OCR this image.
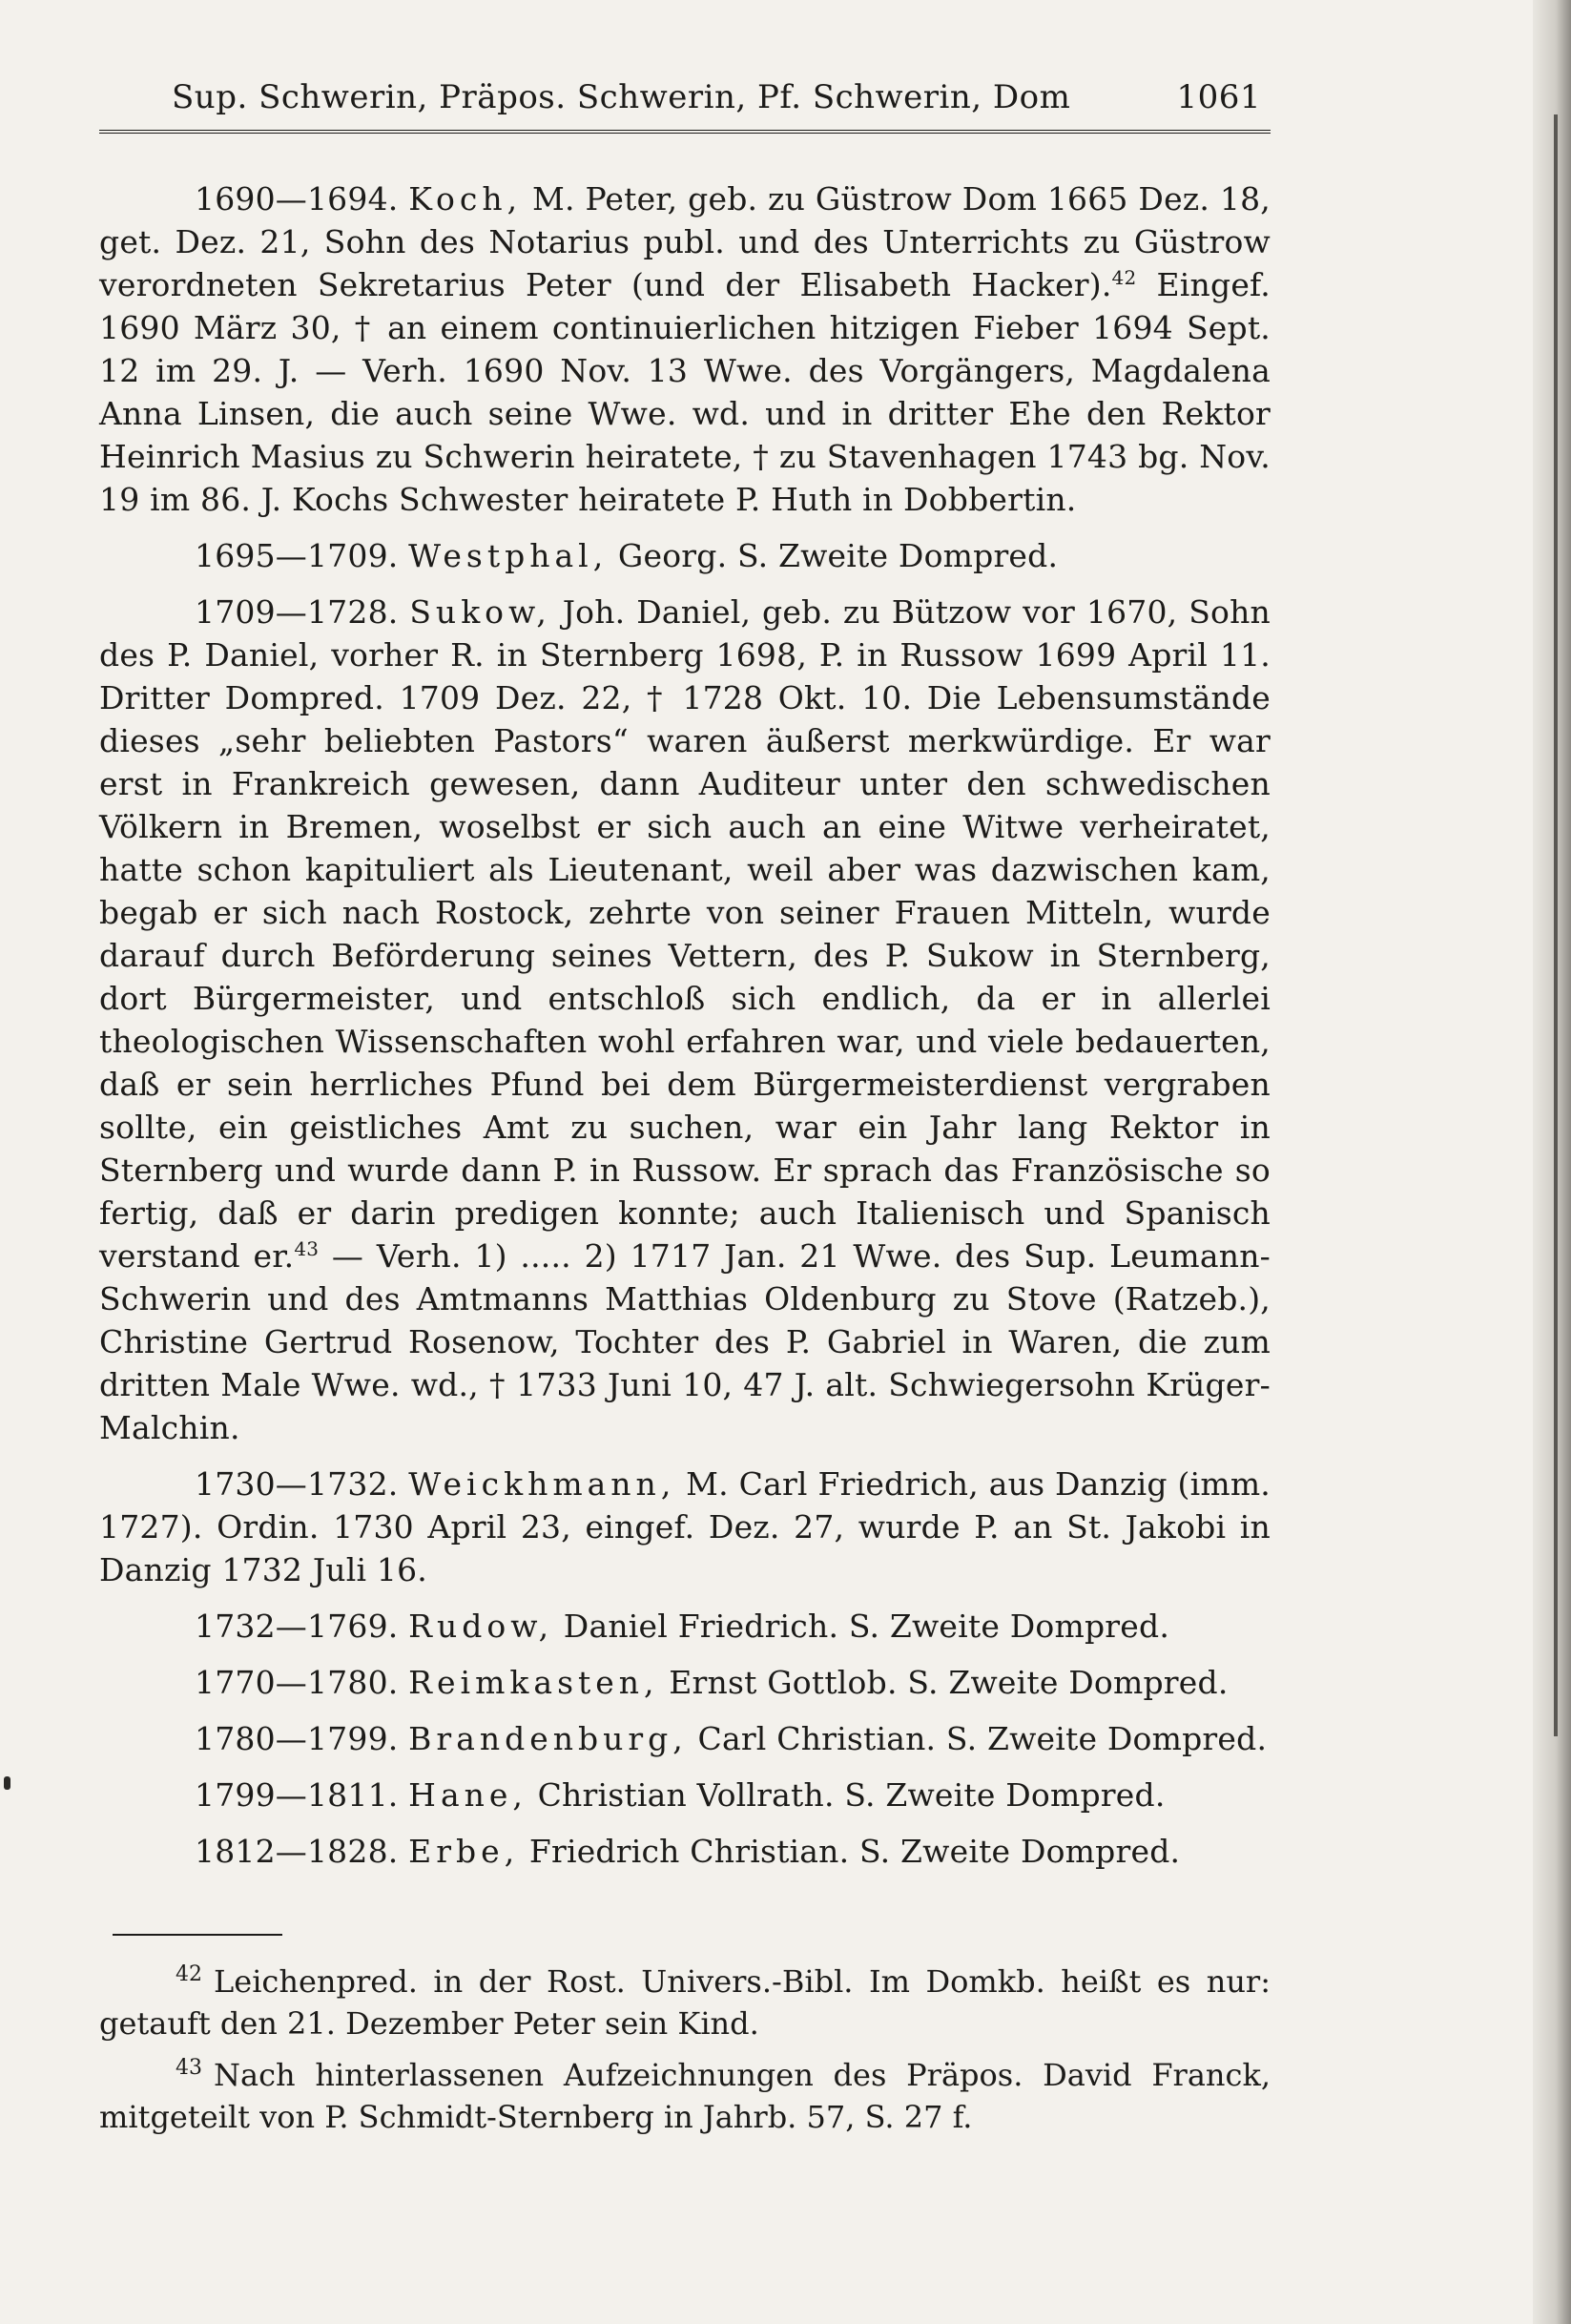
Sup. Schwerin, Präpos. Schwerin, Pf. Schwerin, Dom	1061

1690—1694. Koch, M. Peter, geb. zu Güstrow Dom 1665 Dez. 18, get. Dez. 21, Sohn des Notarius publ. und des Unterrichts zu Güstrow verordneten Sekretarius Peter (und der Elisabeth Hacker).$^{42}$ Eingef. 1690 März 30, † an einem continuierlichen hitzigen Fieber 1694 Sept. 12 im 29. J. — Verh. 1690 Nov. 13 Wwe. des Vorgängers, Magdalena Anna Linsen, die auch seine Wwe. wd. und in dritter Ehe den Rektor Heinrich Masius zu Schwerin heiratete, † zu Stavenhagen 1743 bg. Nov. 19 im 86. J. Kochs Schwester heiratete P. Huth in Dobbertin.

1695—1709. Westphal, Georg. S. Zweite Dompred.

1709—1728. Sukow, Joh. Daniel, geb. zu Bützow vor 1670, Sohn des P. Daniel, vorher R. in Sternberg 1698, P. in Russow 1699 April 11. Dritter Dompred. 1709 Dez. 22, † 1728 Okt. 10. Die Lebensumstände dieses „sehr beliebten Pastors“ waren äußerst merkwürdige. Er war erst in Frankreich gewesen, dann Auditeur unter den schwedischen Völkern in Bremen, woselbst er sich auch an eine Witwe verheiratet, hatte schon kapituliert als Lieutenant, weil aber was dazwischen kam, begab er sich nach Rostock, zehrte von seiner Frauen Mitteln, wurde darauf durch Beförderung seines Vettern, des P. Sukow in Sternberg, dort Bürgermeister, und entschloß sich endlich, da er in allerlei theologischen Wissenschaften wohl erfahren war, und viele bedauerten, daß er sein herrliches Pfund bei dem Bürgermeisterdienst vergraben sollte, ein geistliches Amt zu suchen, war ein Jahr lang Rektor in Sternberg und wurde dann P. in Russow. Er sprach das Französische so fertig, daß er darin predigen konnte; auch Italienisch und Spanisch verstand er.$^{43}$ — Verh. 1) ..... 2) 1717 Jan. 21 Wwe. des Sup. Leumann-Schwerin und des Amtmanns Matthias Oldenburg zu Stove (Ratzeb.), Christine Gertrud Rosenow, Tochter des P. Gabriel in Waren, die zum dritten Male Wwe. wd., † 1733 Juni 10, 47 J. alt. Schwiegersohn Krüger-Malchin.

1730—1732. Weickhmann, M. Carl Friedrich, aus Danzig (imm. 1727). Ordin. 1730 April 23, eingef. Dez. 27, wurde P. an St. Jakobi in Danzig 1732 Juli 16.

1732—1769. Rudow, Daniel Friedrich. S. Zweite Dompred.

1770—1780. Reimkasten, Ernst Gottlob. S. Zweite Dompred.

1780—1799. Brandenburg, Carl Christian. S. Zweite Dompred.

1799—1811. Hane, Christian Vollrath. S. Zweite Dompred.

1812—1828. Erbe, Friedrich Christian. S. Zweite Dompred.

$^{42}$ Leichenpred. in der Rost. Univers.-Bibl. Im Domkb. heißt es nur: getauft den 21. Dezember Peter sein Kind.

$^{43}$ Nach hinterlassenen Aufzeichnungen des Präpos. David Franck, mitgeteilt von P. Schmidt-Sternberg in Jahrb. 57, S. 27 f.
